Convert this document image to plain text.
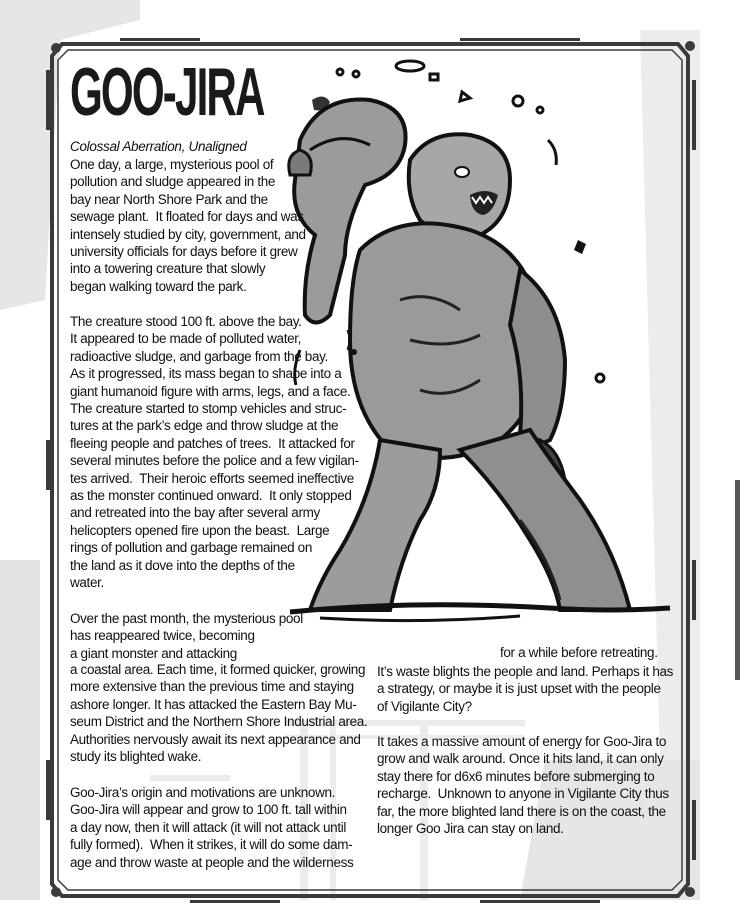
GOO-JIRA
Colossal Aberration, Unaligned

One day, a large, mysterious pool of
pollution and sludge appeared in the
bay near North Shore Park and the
sewage plant.  It floated for days and was
intensely studied by city, government, and
university officials for days before it grew
into a towering creature that slowly
began walking toward the park.

The creature stood 100 ft. above the bay.
It appeared to be made of polluted water,
radioactive sludge, and garbage from the bay.
As it progressed, its mass began to shape into a
giant humanoid figure with arms, legs, and a face.
The creature started to stomp vehicles and struc-
tures at the park’s edge and throw sludge at the
fleeing people and patches of trees.  It attacked for
several minutes before the police and a few vigilan-
tes arrived.  Their heroic efforts seemed ineffective
as the monster continued onward.  It only stopped
and retreated into the bay after several army
helicopters opened fire upon the beast.  Large
rings of pollution and garbage remained on
the land as it dove into the depths of the
water.

Over the past month, the mysterious pool
has reappeared twice, becoming
a giant monster and attacking

a coastal area. Each time, it formed quicker, growing
more extensive than the previous time and staying
ashore longer. It has attacked the Eastern Bay Mu-
seum District and the Northern Shore Industrial area.
Authorities nervously await its next appearance and
study its blighted wake.

Goo-Jira’s origin and motivations are unknown.
Goo-Jira will appear and grow to 100 ft. tall within
a day now, then it will attack (it will not attack until
fully formed).  When it strikes, it will do some dam-
age and throw waste at people and the wilderness

for a while before retreating.

It’s waste blights the people and land. Perhaps it has
a strategy, or maybe it is just upset with the people
of Vigilante City?

It takes a massive amount of energy for Goo-Jira to
grow and walk around. Once it hits land, it can only
stay there for d6x6 minutes before submerging to
recharge.  Unknown to anyone in Vigilante City thus
far, the more blighted land there is on the coast, the
longer Goo Jira can stay on land.
